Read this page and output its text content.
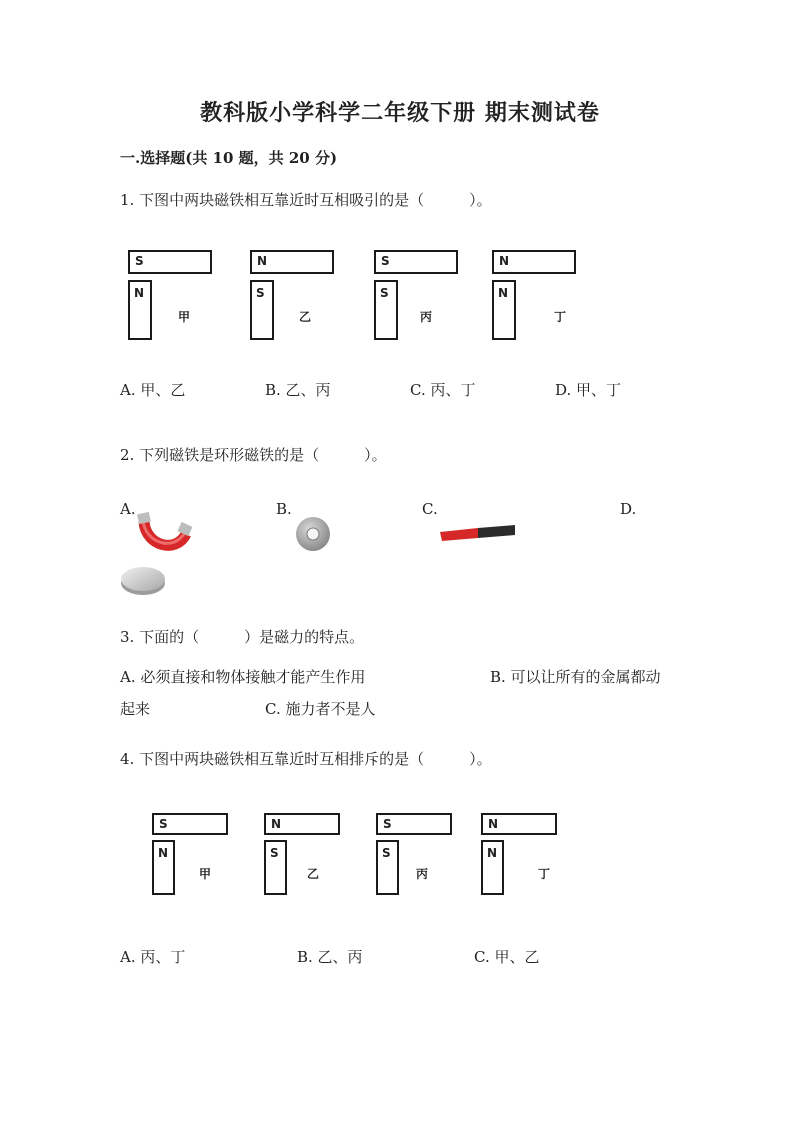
教科版小学科学二年级下册 期末测试卷
一.选择题(共 10 题，共 20 分)
1. 下图中两块磁铁相互靠近时互相吸引的是（　　　）。
S
N
甲
N
S
乙
S
S
丙
N
N
丁
A. 甲、乙	B. 乙、丙	C. 丙、丁	D. 甲、丁
2. 下列磁铁是环形磁铁的是（　　　）。
A.	B.	C.	D.
3. 下面的（　　　）是磁力的特点。
A. 必须直接和物体接触才能产生作用	B. 可以让所有的金属都动
起来	C. 施力者不是人
4. 下图中两块磁铁相互靠近时互相排斥的是（　　　）。
S
N
甲
N
S
乙
S
S
丙
N
N
丁
A. 丙、丁	B. 乙、丙	C. 甲、乙
